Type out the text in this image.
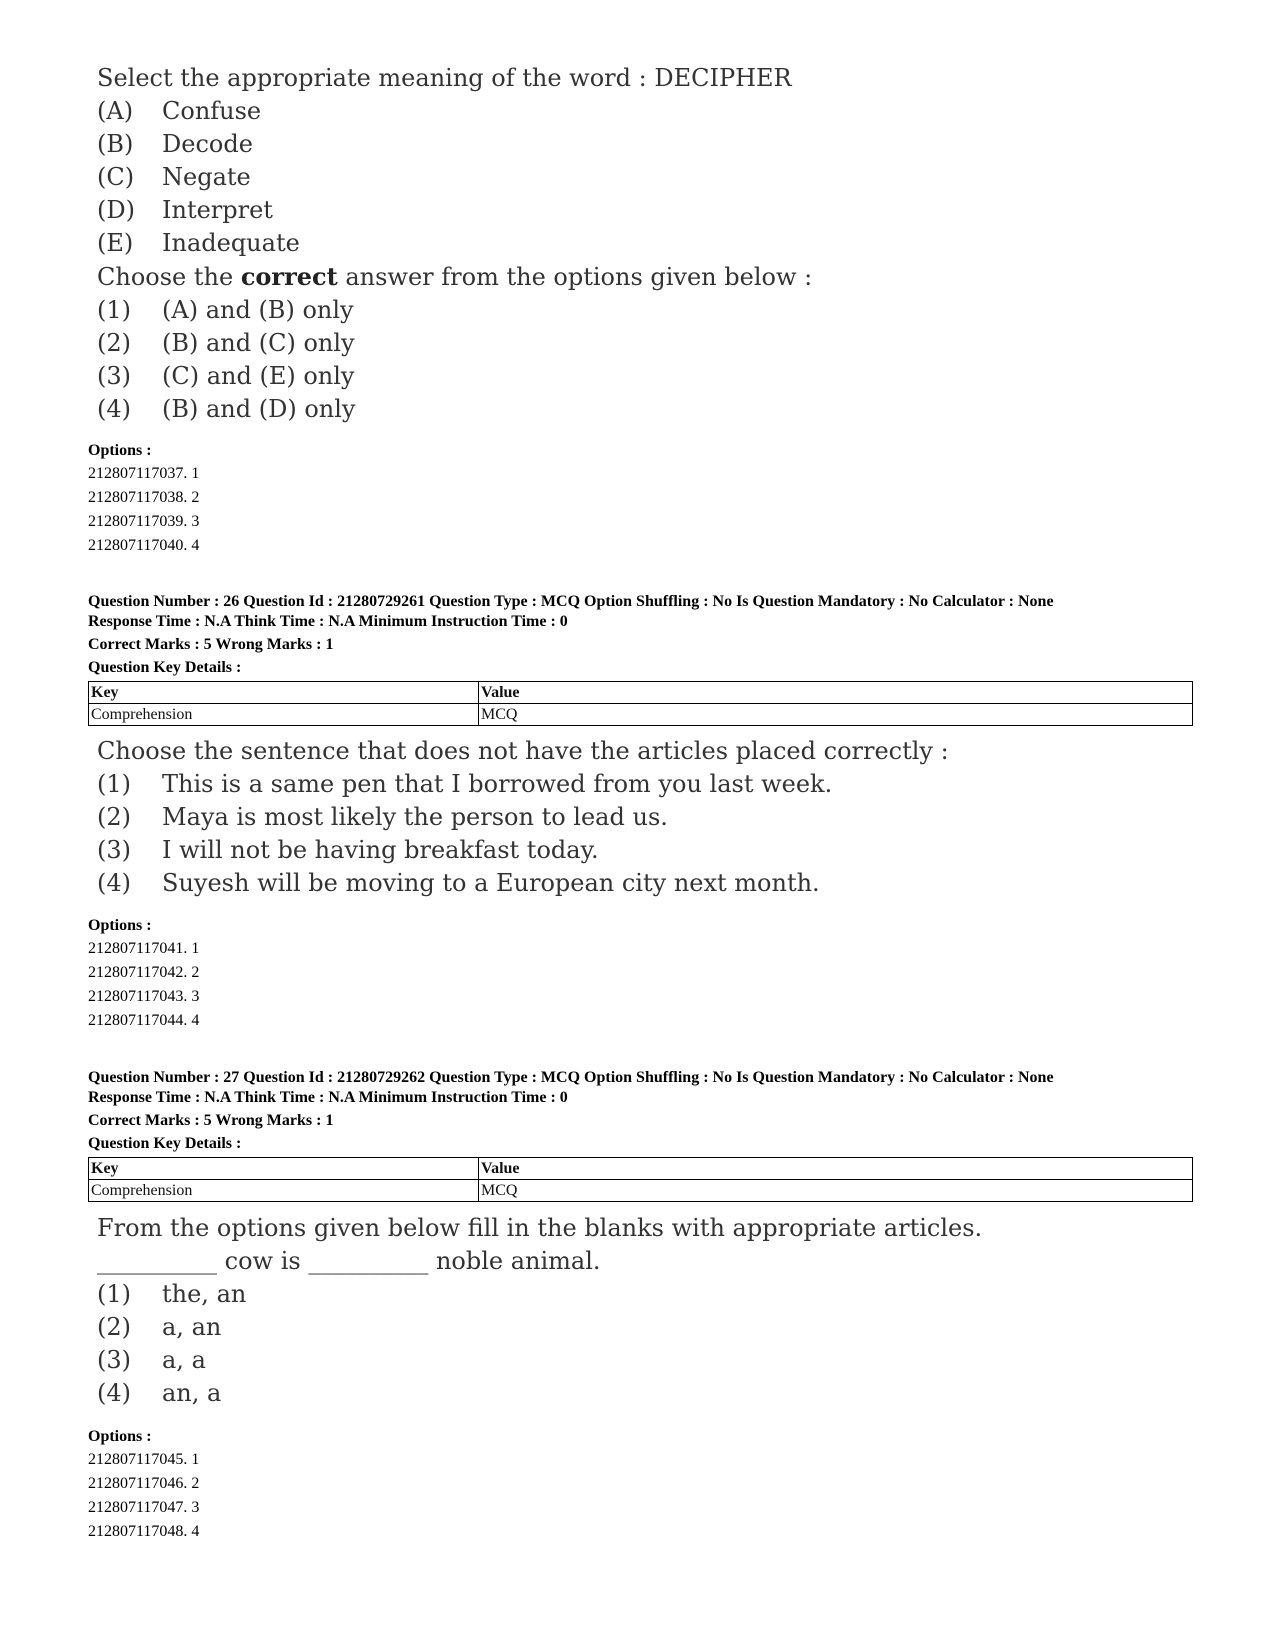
Select the appropriate meaning of the word : DECIPHER
(A)	Confuse
(B)	Decode
(C)	Negate
(D)	Interpret
(E)	Inadequate
Choose the correct answer from the options given below :
(1)	(A) and (B) only
(2)	(B) and (C) only
(3)	(C) and (E) only
(4)	(B) and (D) only
Options :
212807117037. 1
212807117038. 2
212807117039. 3
212807117040. 4
Question Number : 26 Question Id : 21280729261 Question Type : MCQ Option Shuffling : No Is Question Mandatory : No Calculator : None
Response Time : N.A Think Time : N.A Minimum Instruction Time : 0
Correct Marks : 5 Wrong Marks : 1
Question Key Details :
Key	Value
Comprehension	MCQ
Choose the sentence that does not have the articles placed correctly :
(1)	This is a same pen that I borrowed from you last week.
(2)	Maya is most likely the person to lead us.
(3)	I will not be having breakfast today.
(4)	Suyesh will be moving to a European city next month.
Options :
212807117041. 1
212807117042. 2
212807117043. 3
212807117044. 4
Question Number : 27 Question Id : 21280729262 Question Type : MCQ Option Shuffling : No Is Question Mandatory : No Calculator : None
Response Time : N.A Think Time : N.A Minimum Instruction Time : 0
Correct Marks : 5 Wrong Marks : 1
Question Key Details :
Key	Value
Comprehension	MCQ
From the options given below fill in the blanks with appropriate articles.
__________ cow is __________ noble animal.
(1)	the, an
(2)	a, an
(3)	a, a
(4)	an, a
Options :
212807117045. 1
212807117046. 2
212807117047. 3
212807117048. 4
